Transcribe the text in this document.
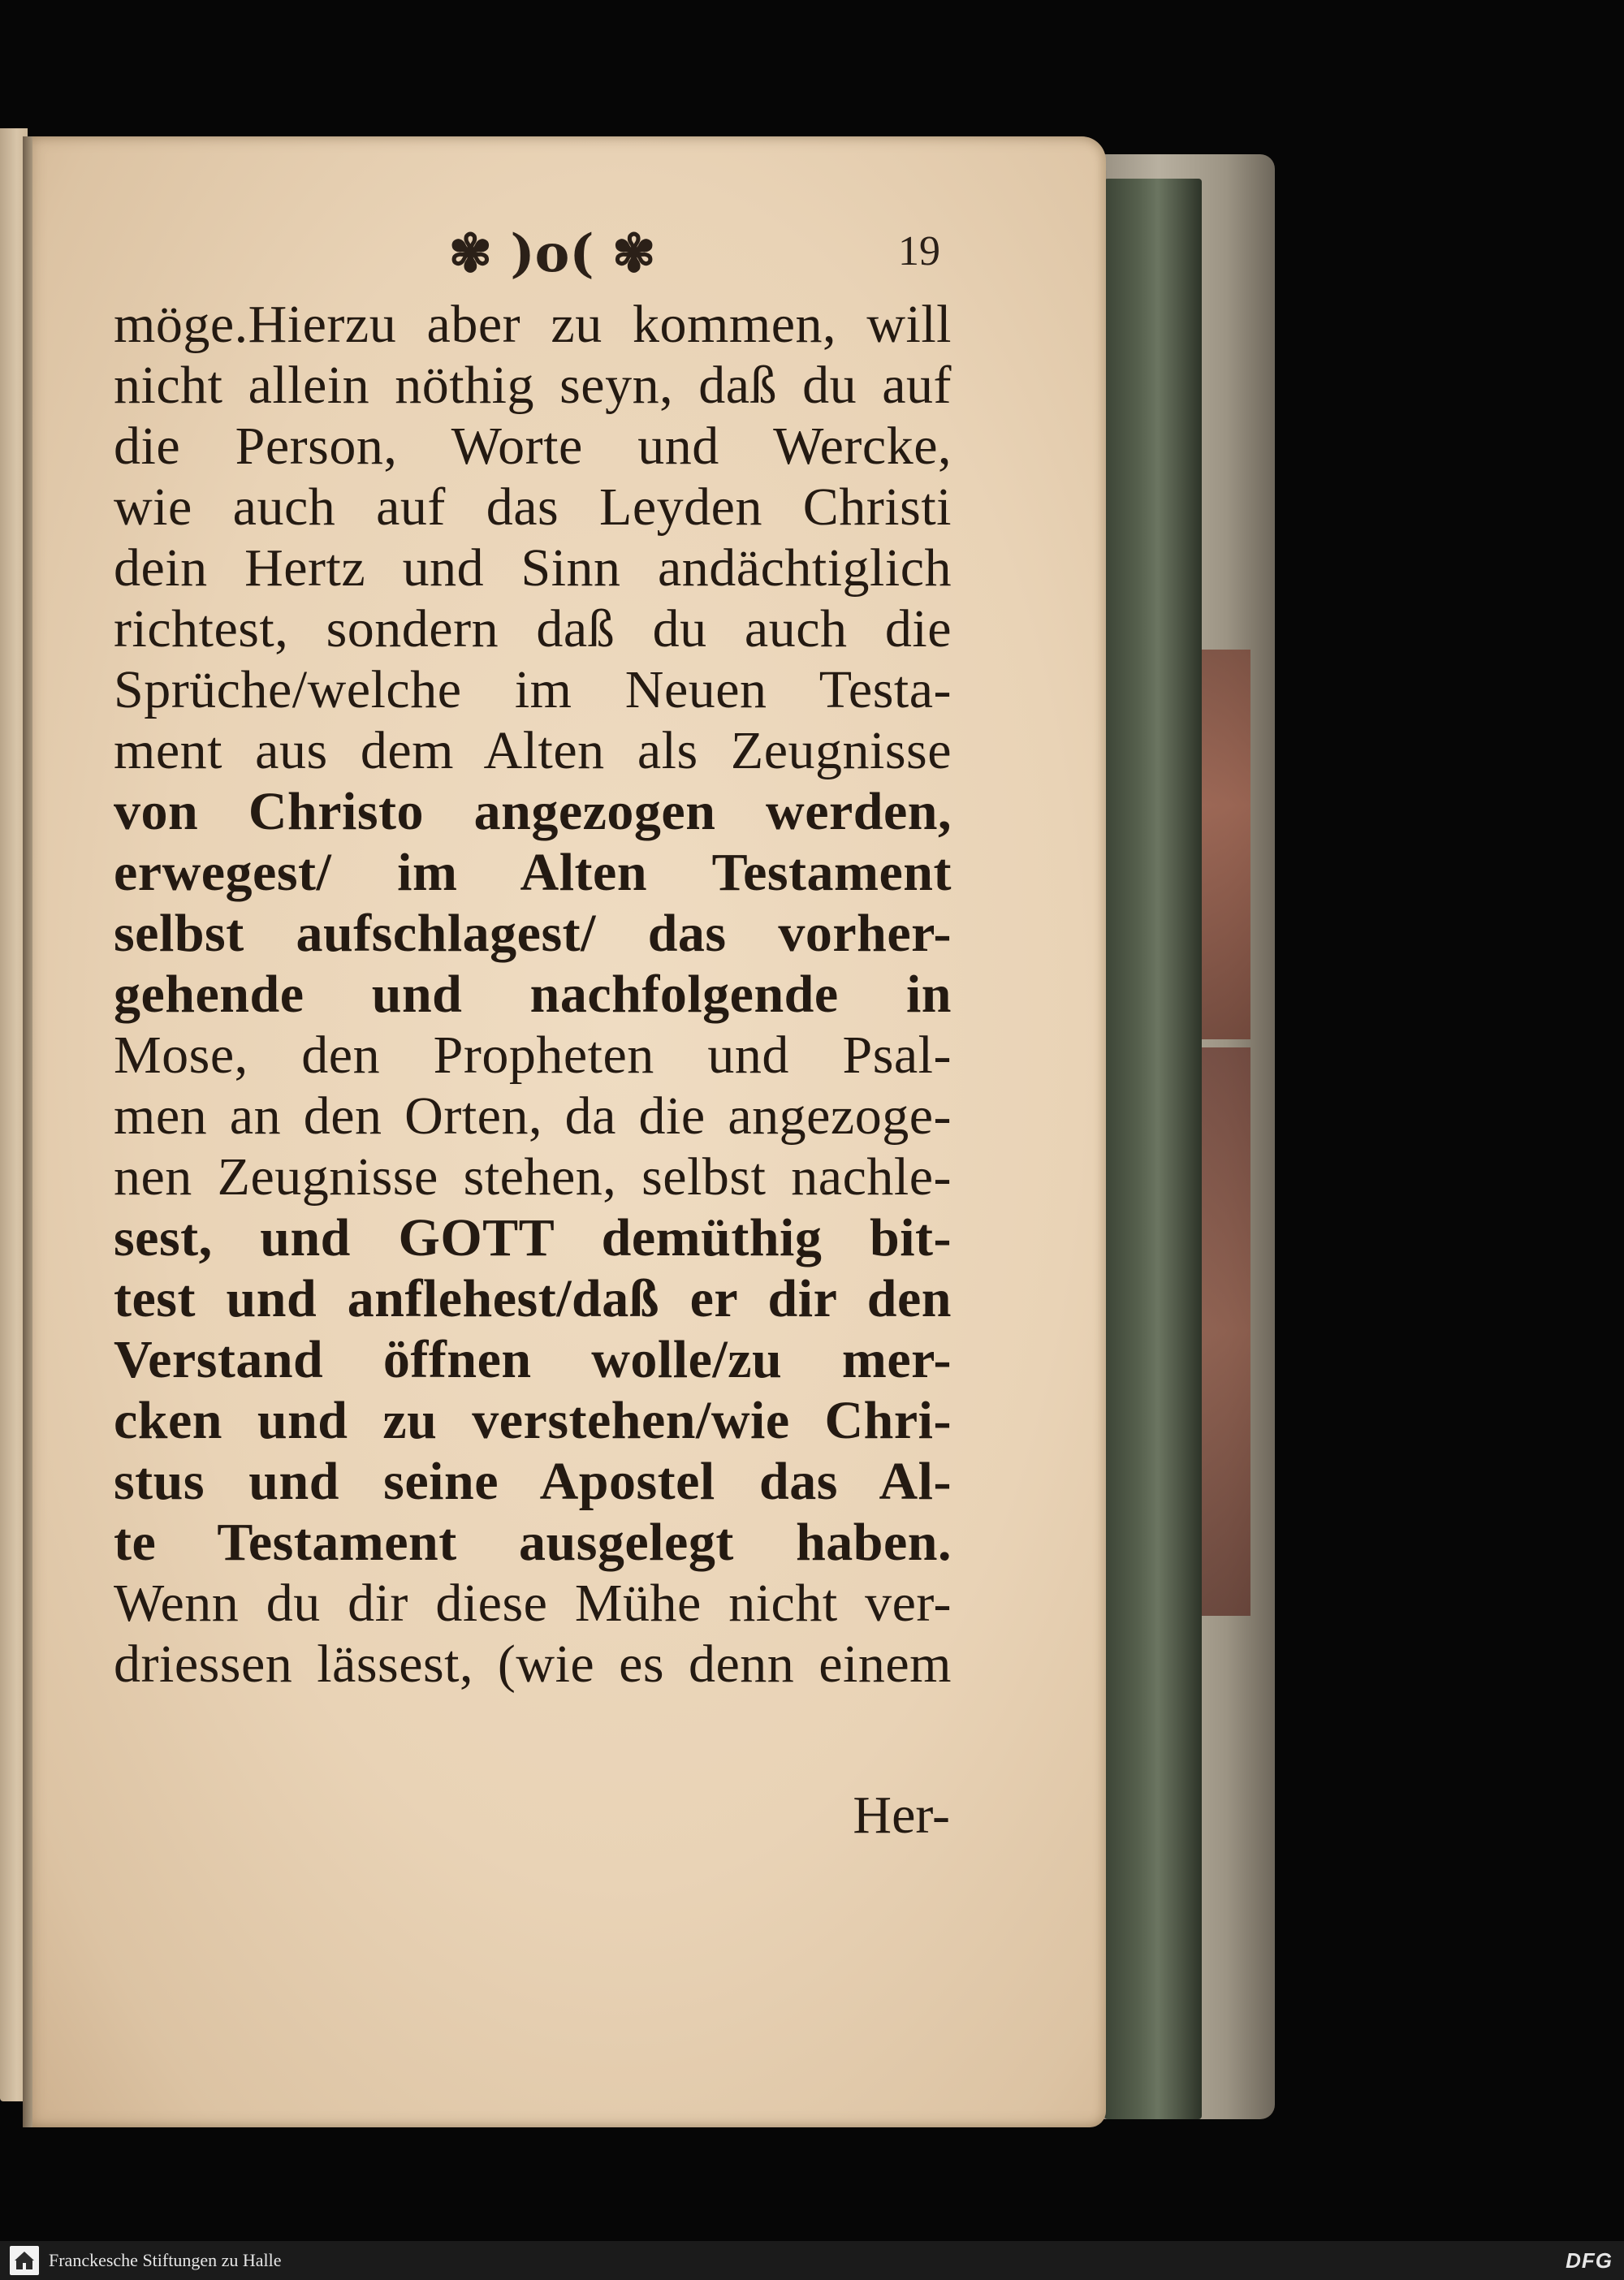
✾ )o( ✾	19
möge.Hierzu aber zu kommen, will
nicht allein nöthig seyn, daß du auf
die Person, Worte und Wercke,
wie auch auf das Leyden Christi
dein Hertz und Sinn andächtiglich
richtest, sondern daß du auch die
Sprüche/welche im Neuen Testa-
ment aus dem Alten als Zeugnisse
von Christo angezogen werden,
erwegest/ im Alten Testament
selbst aufschlagest/ das vorher-
gehende und nachfolgende in
Mose, den Propheten und Psal-
men an den Orten, da die angezoge-
nen Zeugnisse stehen, selbst nachle-
sest, und GOTT demüthig bit-
test und anflehest/daß er dir den
Verstand öffnen wolle/zu mer-
cken und zu verstehen/wie Chri-
stus und seine Apostel das Al-
te Testament ausgelegt haben.
Wenn du dir diese Mühe nicht ver-
driessen lässest, (wie es denn einem
Her-
Franckesche Stiftungen zu Halle	DFG
